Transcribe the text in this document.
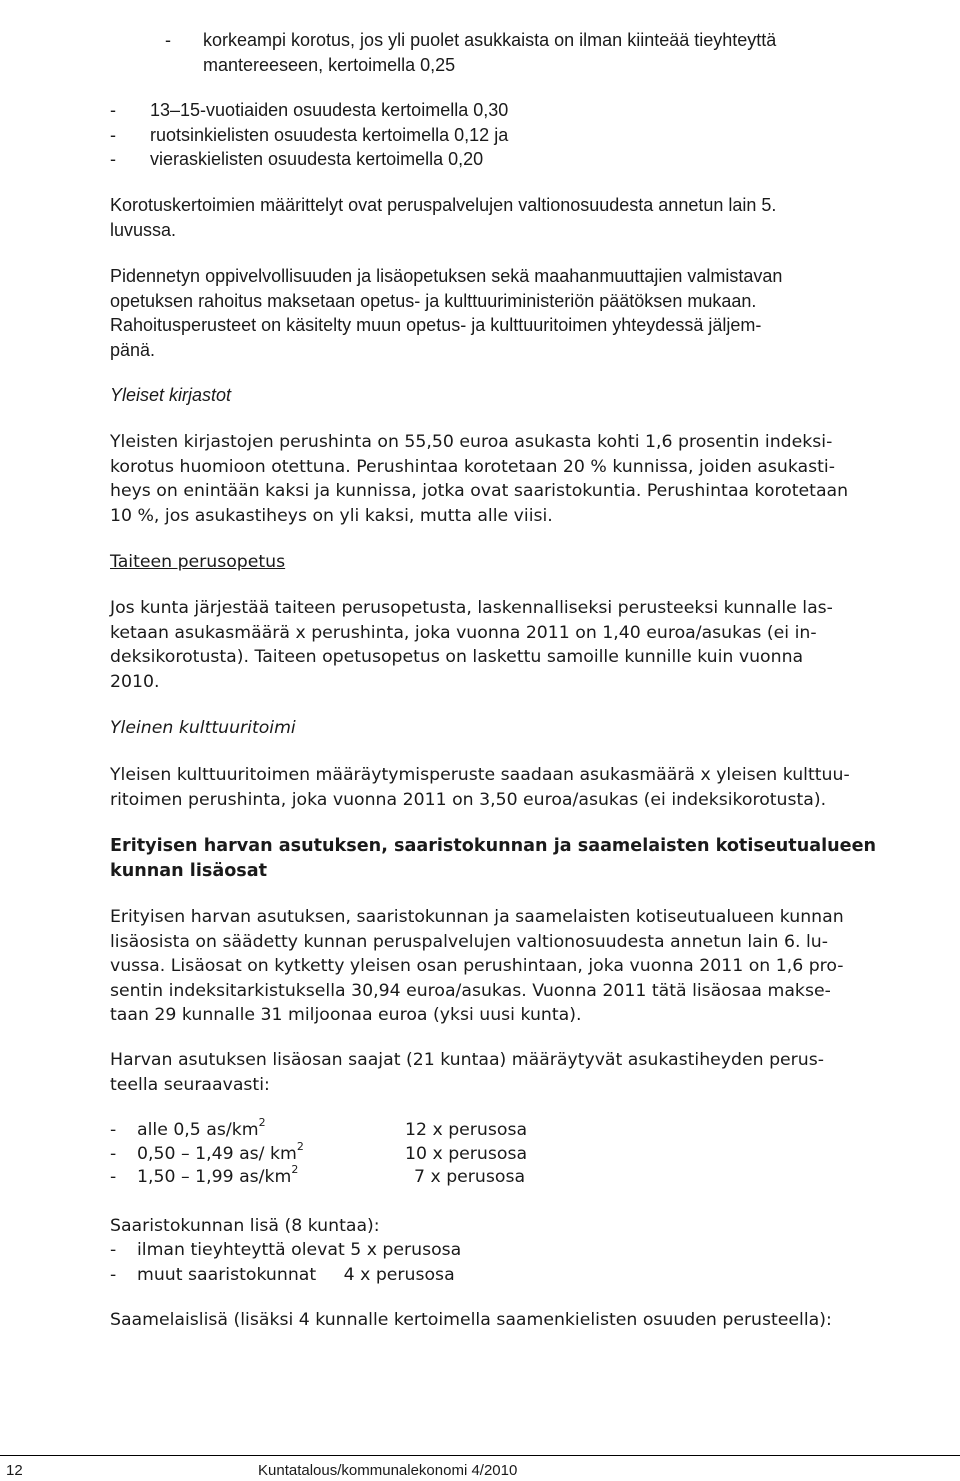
-	korkeampi korotus, jos yli puolet asukkaista on ilman kiinteää tieyhteyttä
mantereeseen, kertoimella 0,25
- 13–15-vuotiaiden osuudesta kertoimella 0,30
- ruotsinkielisten osuudesta kertoimella 0,12 ja
- vieraskielisten osuudesta kertoimella 0,20
Korotuskertoimien määrittelyt ovat peruspalvelujen valtionosuudesta annetun lain 5.
luvussa.
Pidennetyn oppivelvollisuuden ja lisäopetuksen sekä maahanmuuttajien valmistavan
opetuksen rahoitus maksetaan opetus- ja kulttuuriministeriön päätöksen mukaan.
Rahoitusperusteet on käsitelty muun opetus- ja kulttuuritoimen yhteydessä jäljem-
pänä.
Yleiset kirjastot
Yleisten kirjastojen perushinta on 55,50 euroa asukasta kohti 1,6 prosentin indeksi-
korotus huomioon otettuna. Perushintaa korotetaan 20 % kunnissa, joiden asukasti-
heys on enintään kaksi ja kunnissa, jotka ovat saaristokuntia. Perushintaa korotetaan
10 %, jos asukastiheys on yli kaksi, mutta alle viisi.
Taiteen perusopetus
Jos kunta järjestää taiteen perusopetusta, laskennalliseksi perusteeksi kunnalle las-
ketaan asukasmäärä x perushinta, joka vuonna 2011 on 1,40 euroa/asukas (ei in-
deksikorotusta). Taiteen opetusopetus on laskettu samoille kunnille kuin vuonna
2010.
Yleinen kulttuuritoimi
Yleisen kulttuuritoimen määräytymisperuste saadaan asukasmäärä x yleisen kulttuu-
ritoimen perushinta, joka vuonna 2011 on 3,50 euroa/asukas (ei indeksikorotusta).
Erityisen harvan asutuksen, saaristokunnan ja saamelaisten kotiseutualueen
kunnan lisäosat
Erityisen harvan asutuksen, saaristokunnan ja saamelaisten kotiseutualueen kunnan
lisäosista on säädetty kunnan peruspalvelujen valtionosuudesta annetun lain 6. lu-
vussa. Lisäosat on kytketty yleisen osan perushintaan, joka vuonna 2011 on 1,6 pro-
sentin indeksitarkistuksella 30,94 euroa/asukas. Vuonna 2011 tätä lisäosaa makse-
taan 29 kunnalle 31 miljoonaa euroa (yksi uusi kunta).
Harvan asutuksen lisäosan saajat (21 kuntaa) määräytyvät asukastiheyden perus-
teella seuraavasti:
-	alle 0,5 $as/km^2$	12 x perusosa
-	0,50 – 1,49 as/ $km^2$	10 x perusosa
-	1,50 – 1,99 $as/km^2$	7 x perusosa
Saaristokunnan lisä (8 kuntaa):
- ilman tieyhteyttä olevat 5 x perusosa
- muut saaristokunnat     4 x perusosa
Saamelaislisä (lisäksi 4 kunnalle kertoimella saamenkielisten osuuden perusteella):
12	Kuntatalous/kommunalekonomi 4/2010
